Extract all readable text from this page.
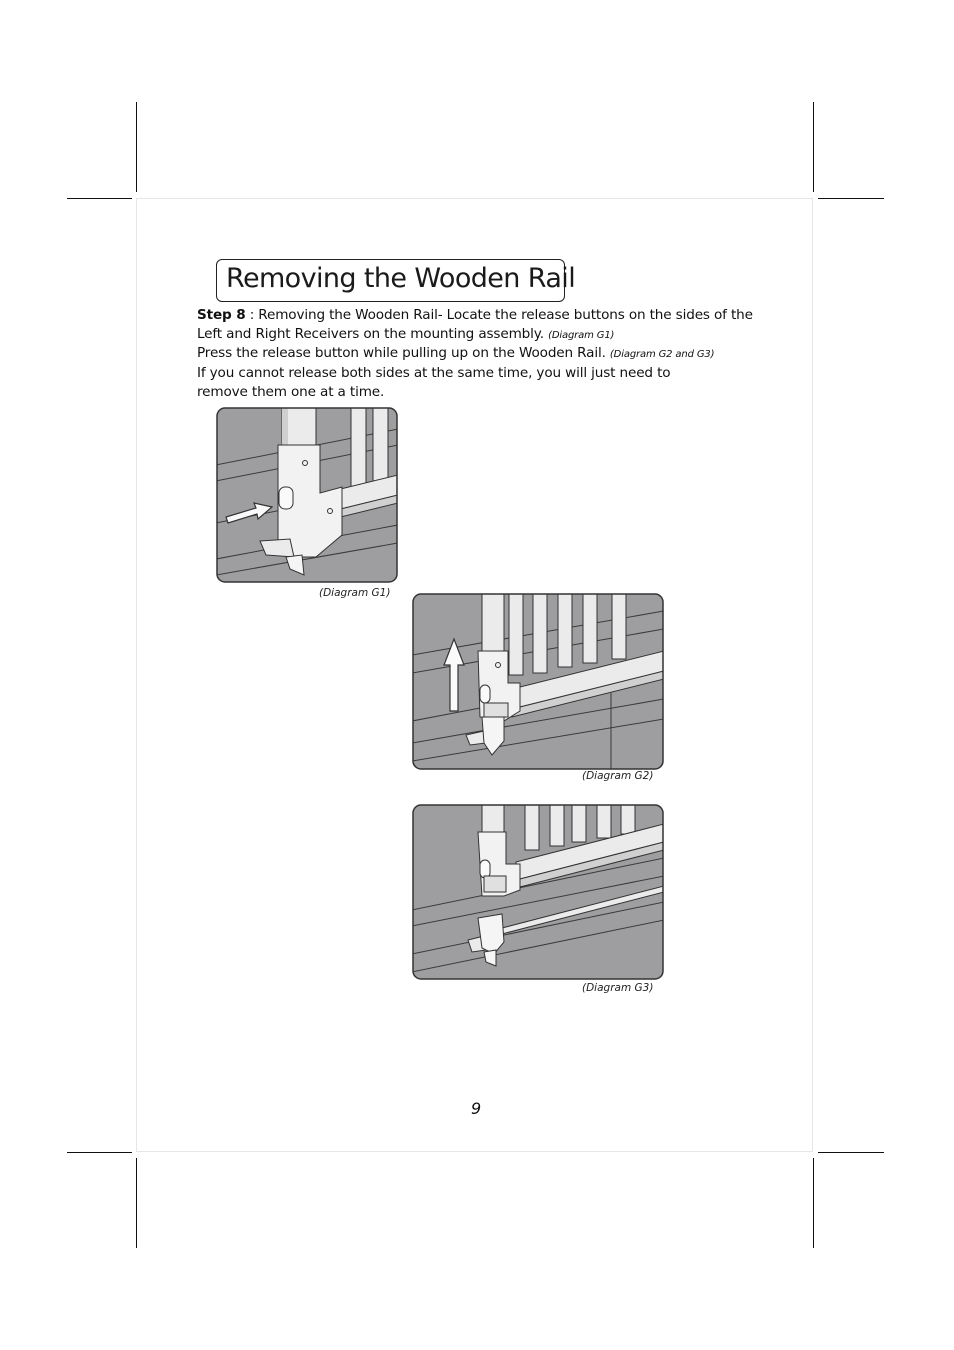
Removing the Wooden Rail
Step 8 : Removing the Wooden Rail- Locate the release buttons on the sides of the
Left and Right Receivers on the mounting assembly. (Diagram G1)
Press the release button while pulling up on the Wooden Rail. (Diagram G2 and G3)
If you cannot release both sides at the same time, you will just need to
remove them one at a time.
(Diagram G1)
(Diagram G2)
(Diagram G3)
9
